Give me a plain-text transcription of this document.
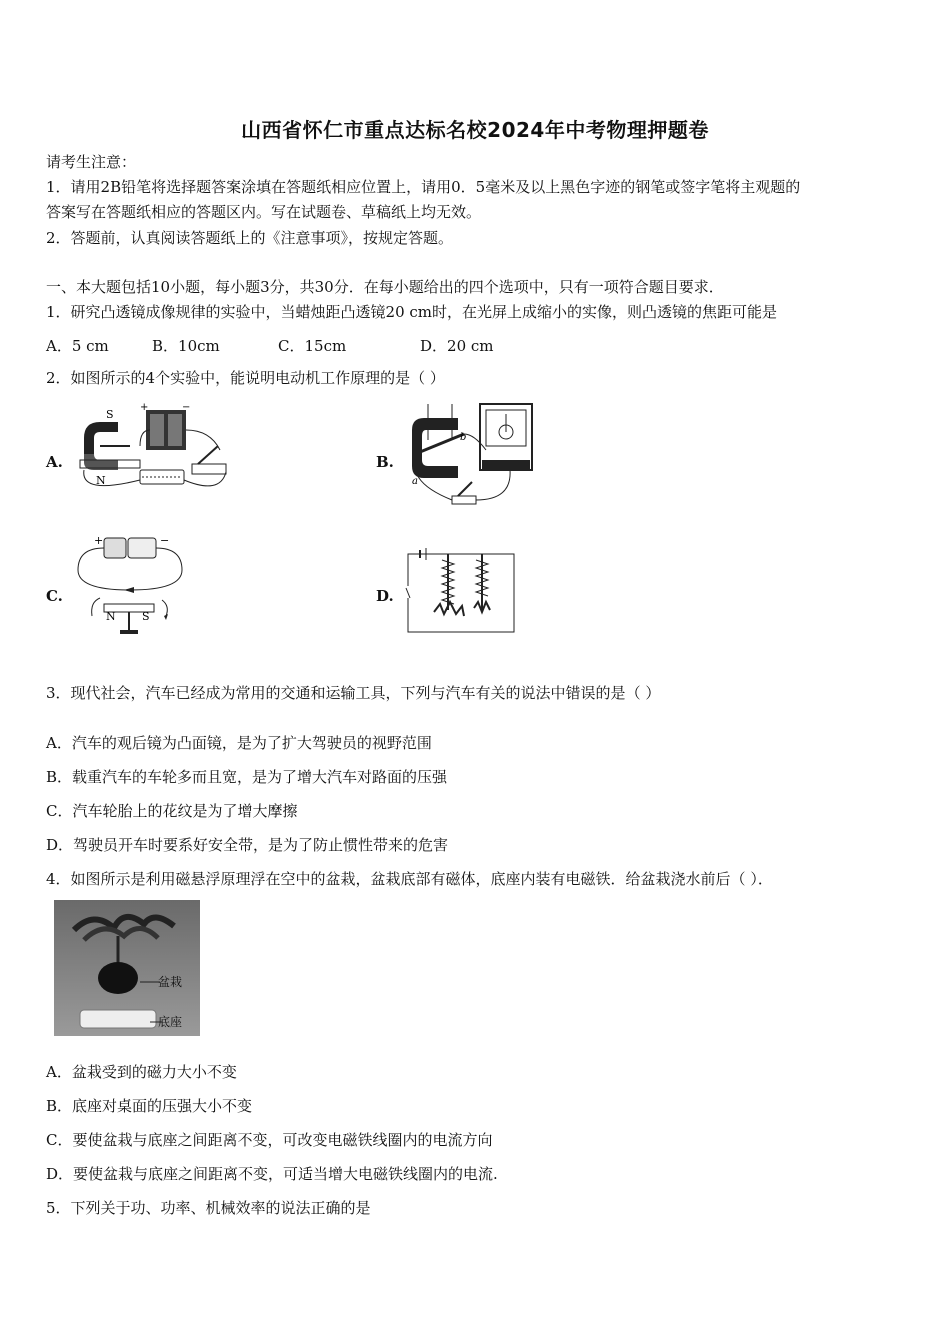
山西省怀仁市重点达标名校2024年中考物理押题卷
请考生注意：
1．请用2B铅笔将选择题答案涂填在答题纸相应位置上，请用0．5毫米及以上黑色字迹的钢笔或签字笔将主观题的
答案写在答题纸相应的答题区内。写在试题卷、草稿纸上均无效。
2．答题前，认真阅读答题纸上的《注意事项》，按规定答题。
一、本大题包括10小题，每小题3分，共30分．在每小题给出的四个选项中，只有一项符合题目要求．
1．研究凸透镜成像规律的实验中，当蜡烛距凸透镜20 cm时，在光屏上成缩小的实像，则凸透镜的焦距可能是
A．5 cm	B．10cm	C．15cm	D．20 cm
2．如图所示的4个实验中，能说明电动机工作原理的是（ ）
A.
S
N
+	−
B.
a
b
C.
+	−
N S
D.
3．现代社会，汽车已经成为常用的交通和运输工具，下列与汽车有关的说法中错误的是（ ）
A．汽车的观后镜为凸面镜，是为了扩大驾驶员的视野范围
B．载重汽车的车轮多而且宽，是为了增大汽车对路面的压强
C．汽车轮胎上的花纹是为了增大摩擦
D．驾驶员开车时要系好安全带，是为了防止惯性带来的危害
4．如图所示是利用磁悬浮原理浮在空中的盆栽，盆栽底部有磁体，底座内装有电磁铁．给盆栽浇水前后（ ）．
盆栽
底座
A．盆栽受到的磁力大小不变
B．底座对桌面的压强大小不变
C．要使盆栽与底座之间距离不变，可改变电磁铁线圈内的电流方向
D．要使盆栽与底座之间距离不变，可适当增大电磁铁线圈内的电流.
5．下列关于功、功率、机械效率的说法正确的是
